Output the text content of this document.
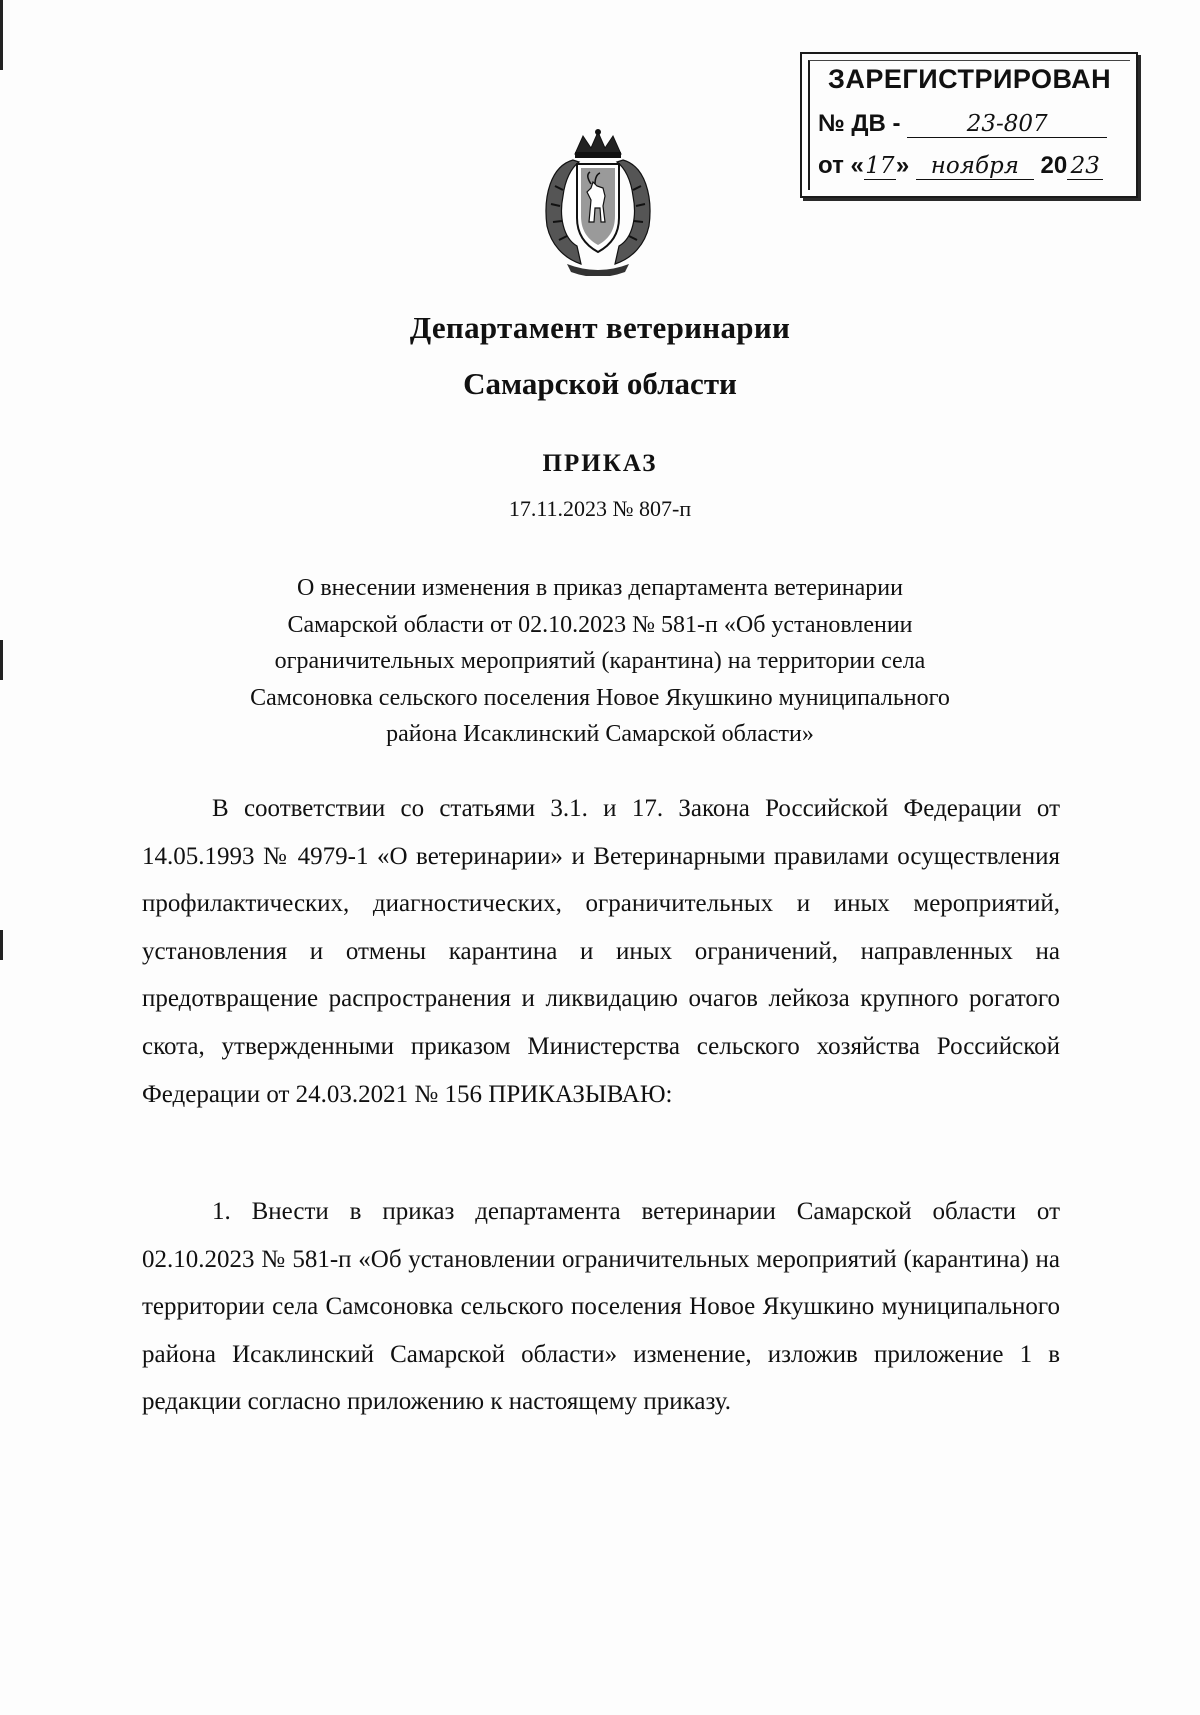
ЗАРЕГИСТРИРОВАН
№ ДВ -	23-807
от «17» ноября 20 23
Департамент ветеринарии
Самарской области
ПРИКАЗ
17.11.2023 № 807-п
О внесении изменения в приказ департамента ветеринарии
Самарской области от 02.10.2023 № 581-п «Об установлении
ограничительных мероприятий (карантина) на территории села
Самсоновка сельского поселения Новое Якушкино муниципального
района Исаклинский Самарской области»
В соответствии со статьями 3.1. и 17. Закона Российской Федерации от 14.05.1993 № 4979-1 «О ветеринарии» и Ветеринарными правилами осуществления профилактических, диагностических, ограничительных и иных мероприятий, установления и отмены карантина и иных ограничений, направленных на предотвращение распространения и ликвидацию очагов лейкоза крупного рогатого скота, утвержденными приказом Министерства сельского хозяйства Российской Федерации от 24.03.2021 № 156 ПРИКАЗЫВАЮ:
1. Внести в приказ департамента ветеринарии Самарской области от 02.10.2023 № 581-п «Об установлении ограничительных мероприятий (карантина) на территории села Самсоновка сельского поселения Новое Якушкино муниципального района Исаклинский Самарской области» изменение, изложив приложение 1 в редакции согласно приложению к настоящему приказу.
